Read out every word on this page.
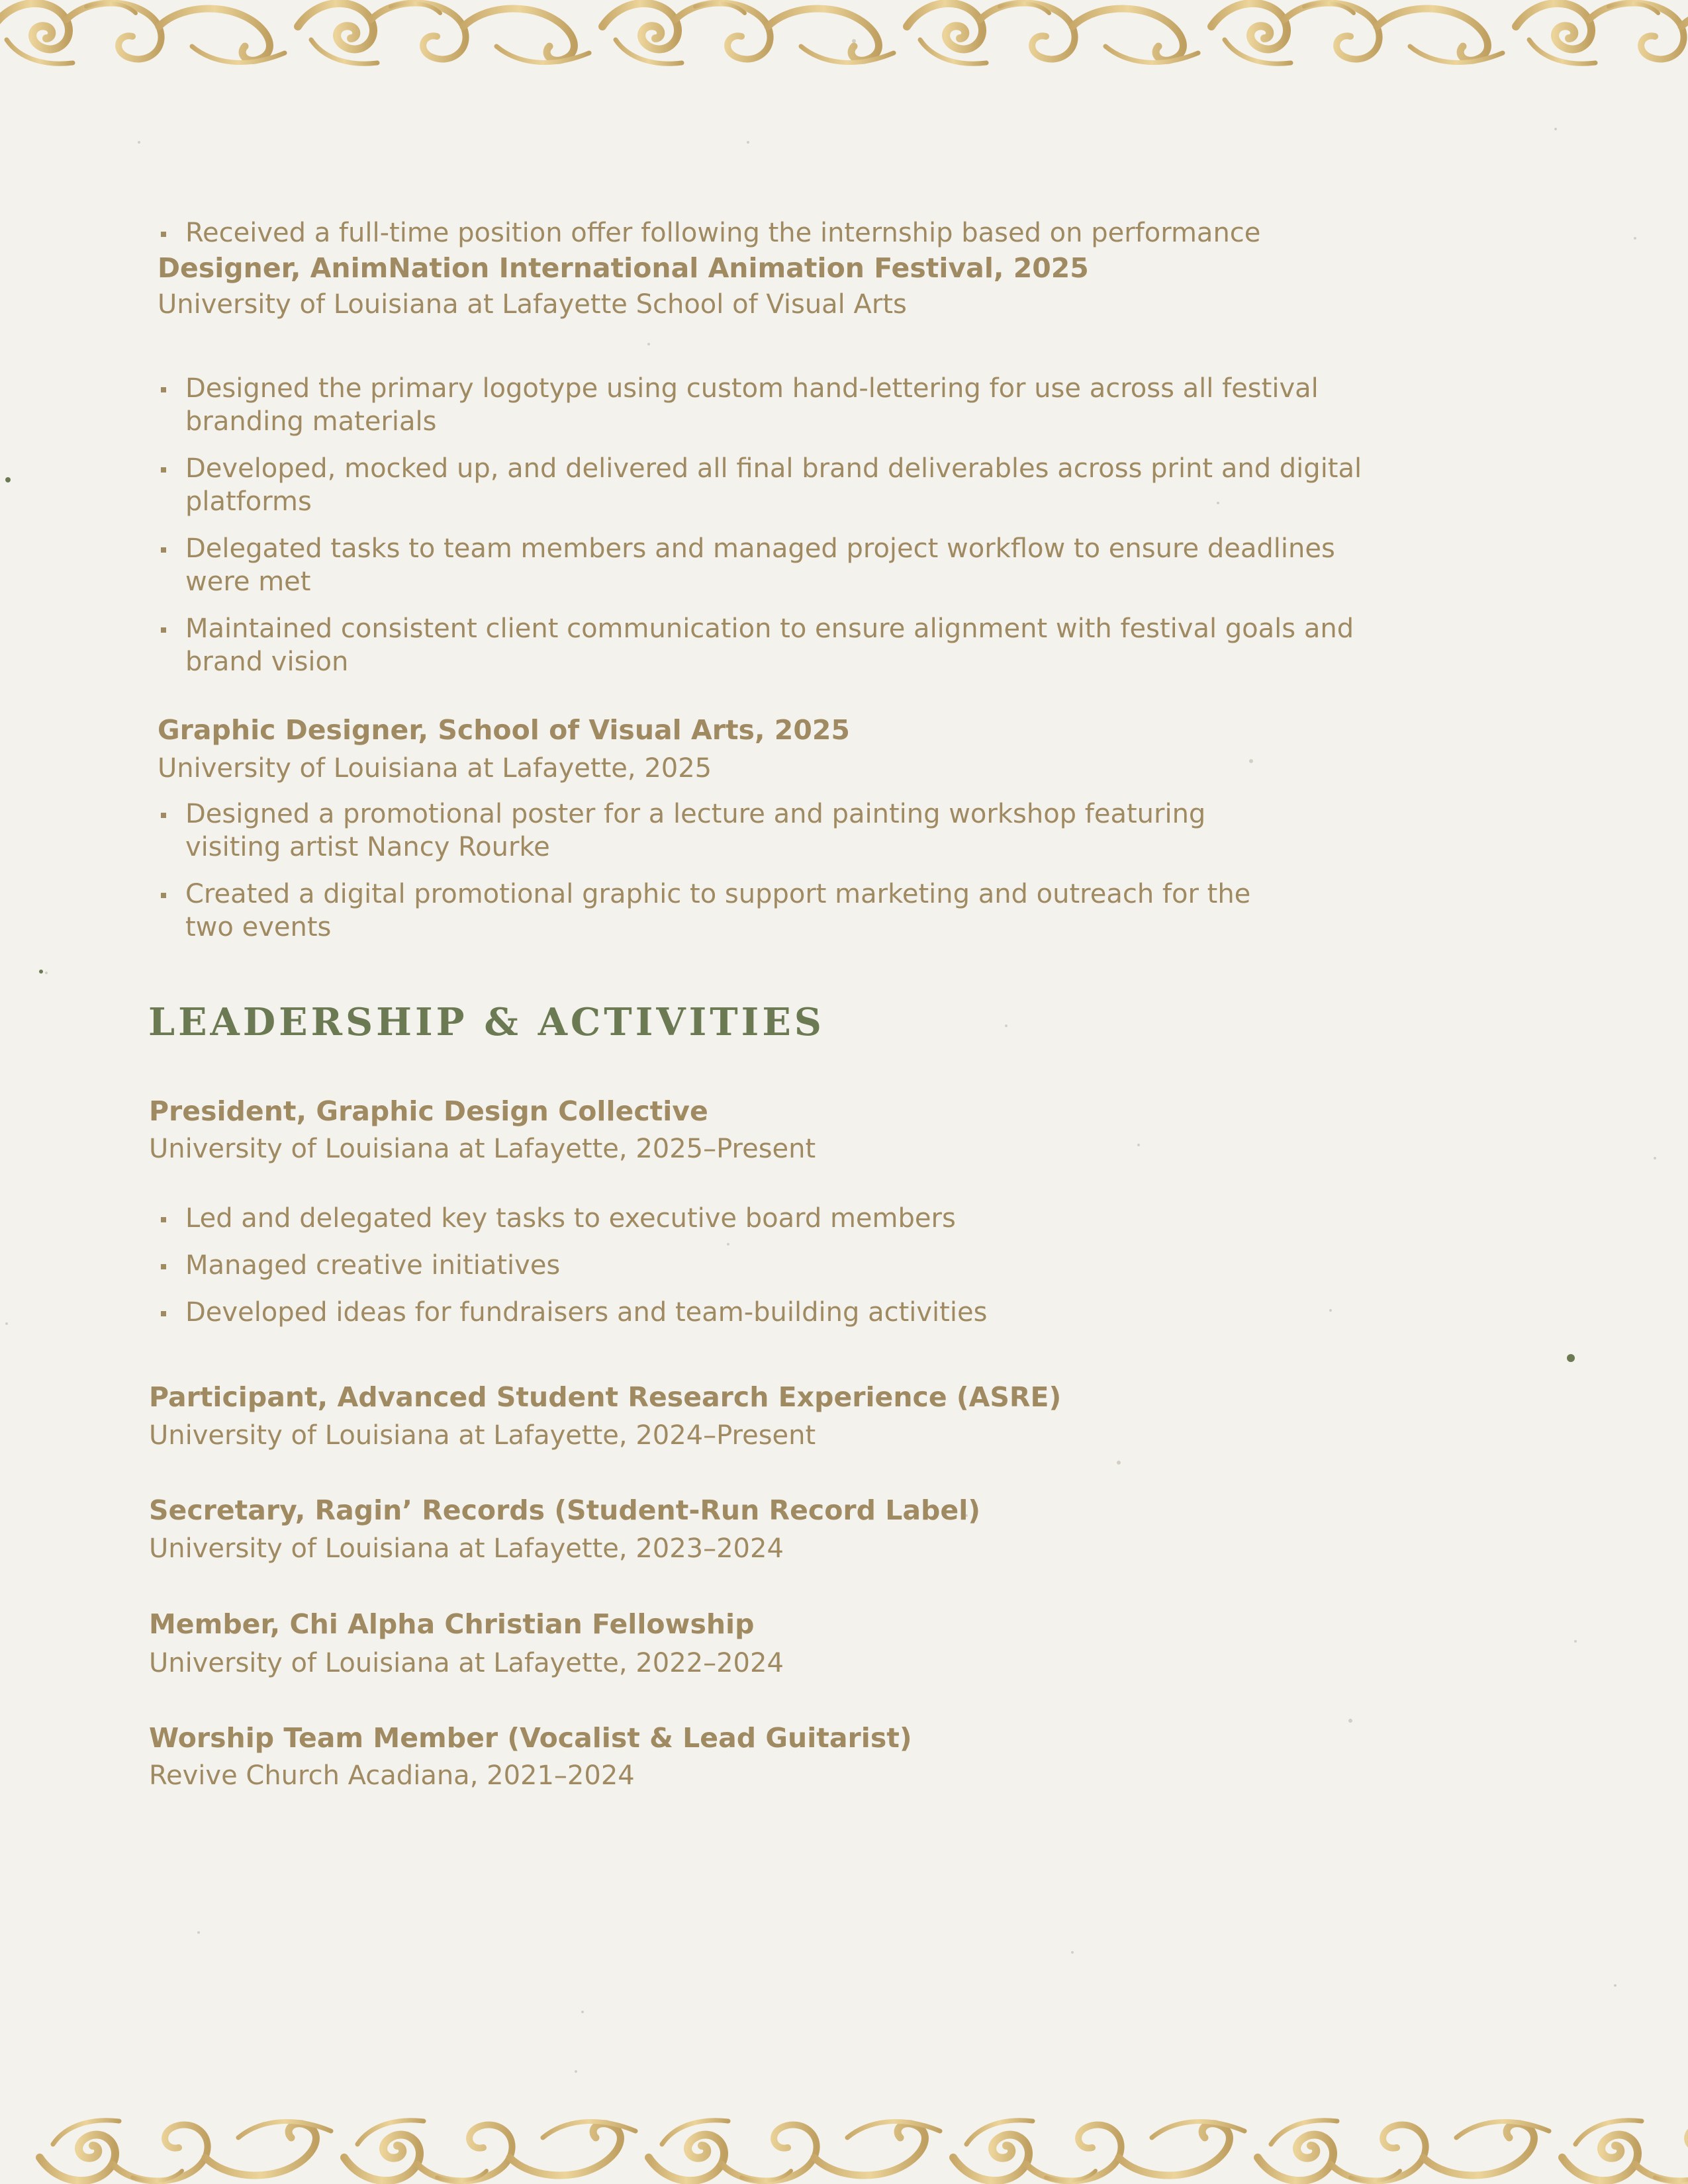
Received a full-time position offer following the internship based on performance
Designer, AnimNation International Animation Festival, 2025
University of Louisiana at Lafayette School of Visual Arts
Designed the primary logotype using custom hand-lettering for use across all festival branding materials
Developed, mocked up, and delivered all final brand deliverables across print and digital platforms
Delegated tasks to team members and managed project workflow to ensure deadlines were met
Maintained consistent client communication to ensure alignment with festival goals and brand vision
Graphic Designer, School of Visual Arts, 2025
University of Louisiana at Lafayette, 2025
Designed a promotional poster for a lecture and painting workshop featuring visiting artist Nancy Rourke
Created a digital promotional graphic to support marketing and outreach for the two events
LEADERSHIP & ACTIVITIES
President, Graphic Design Collective
University of Louisiana at Lafayette, 2025–Present
Led and delegated key tasks to executive board members
Managed creative initiatives
Developed ideas for fundraisers and team-building activities
Participant, Advanced Student Research Experience (ASRE)
University of Louisiana at Lafayette, 2024–Present
Secretary, Ragin’ Records (Student-Run Record Label)
University of Louisiana at Lafayette, 2023–2024
Member, Chi Alpha Christian Fellowship
University of Louisiana at Lafayette, 2022–2024
Worship Team Member (Vocalist & Lead Guitarist)
Revive Church Acadiana, 2021–2024
